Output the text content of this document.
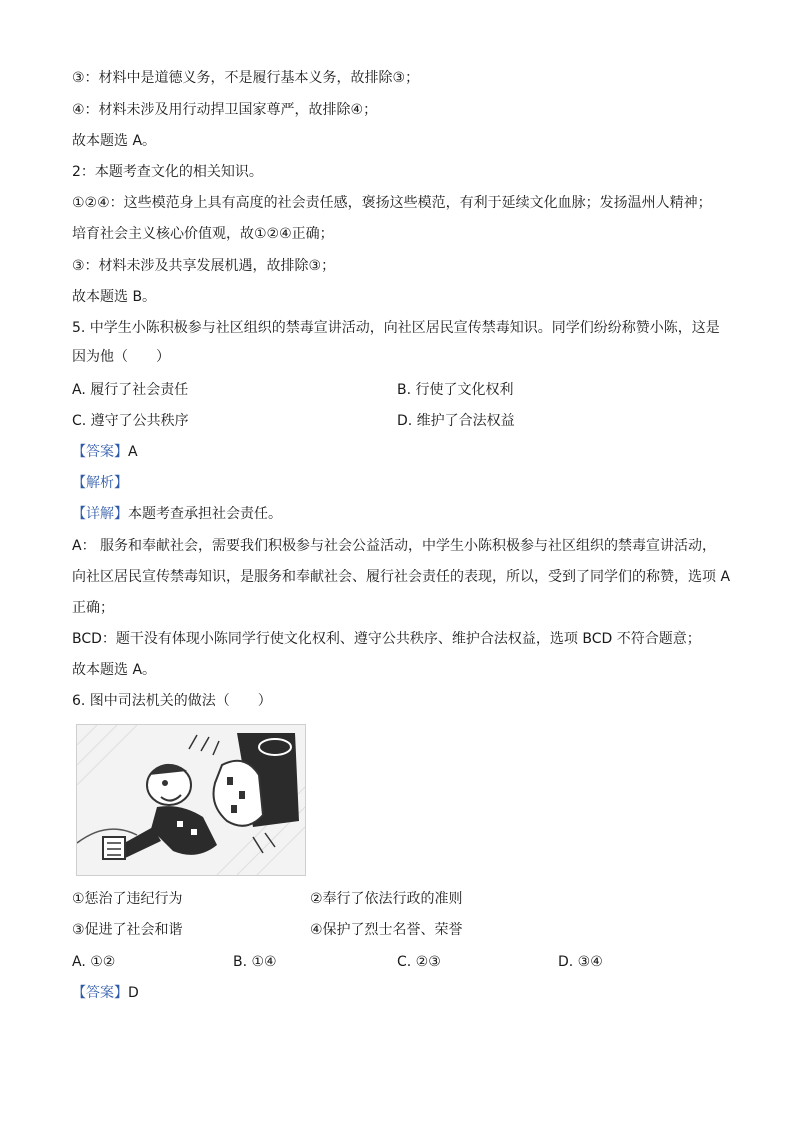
③：材料中是道德义务，不是履行基本义务，故排除③；
④：材料未涉及用行动捍卫国家尊严，故排除④；
故本题选 A。
2：本题考查文化的相关知识。
①②④：这些模范身上具有高度的社会责任感，褒扬这些模范，有利于延续文化血脉；发扬温州人精神；
培育社会主义核心价值观，故①②④正确；
③：材料未涉及共享发展机遇，故排除③；
故本题选 B。
5. 中学生小陈积极参与社区组织的禁毒宣讲活动，向社区居民宣传禁毒知识。同学们纷纷称赞小陈，这是
因为他（　　）
A. 履行了社会责任	B. 行使了文化权利
C. 遵守了公共秩序	D. 维护了合法权益
【答案】A
【解析】
【详解】本题考查承担社会责任。
A： 服务和奉献社会，需要我们积极参与社会公益活动，中学生小陈积极参与社区组织的禁毒宣讲活动，
向社区居民宣传禁毒知识，是服务和奉献社会、履行社会责任的表现，所以，受到了同学们的称赞，选项 A
正确；
BCD：题干没有体现小陈同学行使文化权利、遵守公共秩序、维护合法权益，选项 BCD 不符合题意；
故本题选 A。
6. 图中司法机关的做法（　　）
①惩治了违纪行为	②奉行了依法行政的准则
③促进了社会和谐	④保护了烈士名誉、荣誉
A. ①②	B. ①④	C. ②③	D. ③④
【答案】D
